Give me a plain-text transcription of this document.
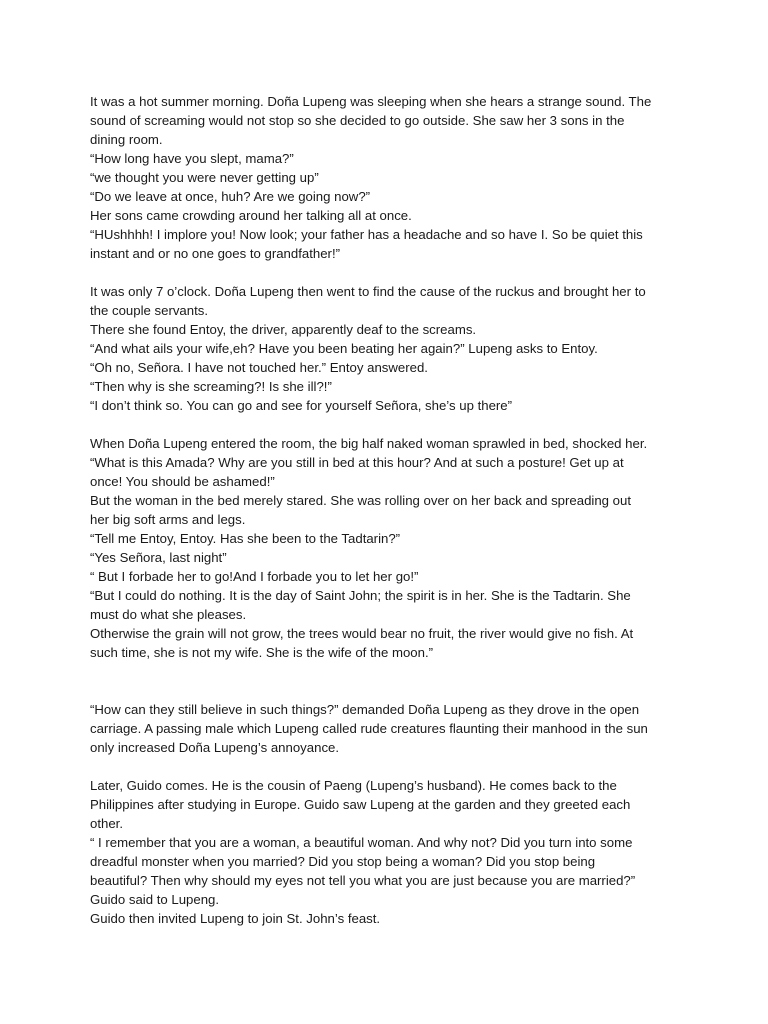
It was a hot summer morning. Doña Lupeng was sleeping when she hears a strange sound. The
sound of screaming would not stop so she decided to go outside. She saw her 3 sons in the
dining room.
“How long have you slept, mama?”
“we thought you were never getting up”
“Do we leave at once, huh? Are we going now?”
Her sons came crowding around her talking all at once.
“HUshhhh! I implore you! Now look; your father has a headache and so have I. So be quiet this
instant and or no one goes to grandfather!”
It was only 7 o’clock. Doña Lupeng then went to find the cause of the ruckus and brought her to
the couple servants.
There she found Entoy, the driver, apparently deaf to the screams.
“And what ails your wife,eh? Have you been beating her again?” Lupeng asks to Entoy.
“Oh no, Señora. I have not touched her.” Entoy answered.
“Then why is she screaming?! Is she ill?!”
“I don’t think so. You can go and see for yourself Señora, she’s up there”
When Doña Lupeng entered the room, the big half naked woman sprawled in bed, shocked her.
“What is this Amada? Why are you still in bed at this hour? And at such a posture! Get up at
once! You should be ashamed!”
But the woman in the bed merely stared. She was rolling over on her back and spreading out
her big soft arms and legs.
“Tell me Entoy, Entoy. Has she been to the Tadtarin?”
“Yes Señora, last night”
“ But I forbade her to go!And I forbade you to let her go!”
“But I could do nothing. It is the day of Saint John; the spirit is in her. She is the Tadtarin. She
must do what she pleases.
Otherwise the grain will not grow, the trees would bear no fruit, the river would give no fish. At
such time, she is not my wife. She is the wife of the moon.”
“How can they still believe in such things?” demanded Doña Lupeng as they drove in the open
carriage. A passing male which Lupeng called rude creatures flaunting their manhood in the sun
only increased Doña Lupeng’s annoyance.
Later, Guido comes. He is the cousin of Paeng (Lupeng’s husband). He comes back to the
Philippines after studying in Europe. Guido saw Lupeng at the garden and they greeted each
other.
“ I remember that you are a woman, a beautiful woman. And why not? Did you turn into some
dreadful monster when you married? Did you stop being a woman? Did you stop being
beautiful? Then why should my eyes not tell you what you are just because you are married?”
Guido said to Lupeng.
Guido then invited Lupeng to join St. John’s feast.
